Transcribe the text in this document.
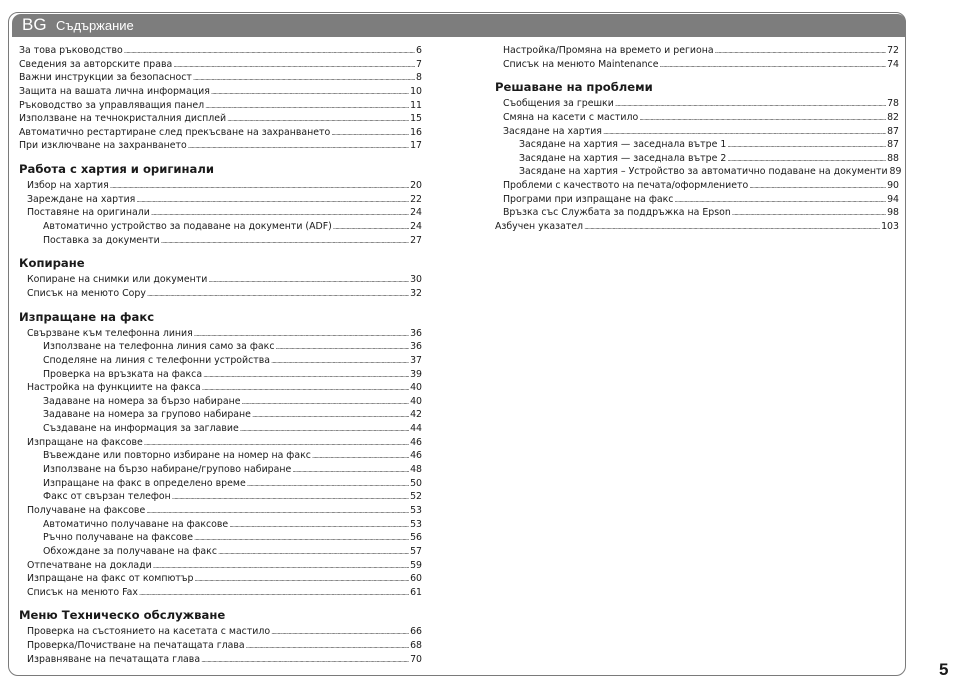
BG Съдържание
За това ръководство .....	6
Сведения за авторските права .....	7
Важни инструкции за безопасност .....	8
Защита на вашата лична информация .....	10
Ръководство за управляващия панел .....	11
Използване на течнокристалния дисплей .....	15
Автоматично рестартиране след прекъсване на захранването .....	16
При изключване на захранването .....	17
Работа с хартия и оригинали
Избор на хартия .....	20
Зареждане на хартия .....	22
Поставяне на оригинали .....	24
Автоматично устройство за подаване на документи (ADF) .....	24
Поставка за документи .....	27
Копиране
Копиране на снимки или документи .....	30
Списък на менюто Copy .....	32
Изпращане на факс
Свързване към телефонна линия .....	36
Използване на телефонна линия само за факс .....	36
Споделяне на линия с телефонни устройства .....	37
Проверка на връзката на факса .....	39
Настройка на функциите на факса .....	40
Задаване на номера за бързо набиране .....	40
Задаване на номера за групово набиране .....	42
Създаване на информация за заглавие .....	44
Изпращане на факсове .....	46
Въвеждане или повторно избиране на номер на факс .....	46
Използване на бързо набиране/групово набиране .....	48
Изпращане на факс в определено време .....	50
Факс от свързан телефон .....	52
Получаване на факсове .....	53
Автоматично получаване на факсове .....	53
Ръчно получаване на факсове .....	56
Обхождане за получаване на факс .....	57
Отпечатване на доклади .....	59
Изпращане на факс от компютър .....	60
Списък на менюто Fax .....	61
Меню Техническо обслужване
Проверка на състоянието на касетата с мастило .....	66
Проверка/Почистване на печатащата глава .....	68
Изравняване на печатащата глава .....	70
Настройка/Промяна на времето и региона .....	72
Списък на менюто Maintenance .....	74
Решаване на проблеми
Съобщения за грешки .....	78
Смяна на касети с мастило .....	82
Засядане на хартия .....	87
Засядане на хартия — заседнала вътре 1 .....	87
Засядане на хартия — заседнала вътре 2 .....	88
Засядане на хартия – Устройство за автоматично подаване на документи 89
Проблеми с качеството на печата/оформлението .....	90
Програми при изпращане на факс .....	94
Връзка със Службата за поддръжка на Epson .....	98
Азбучен указател .....	103
5
